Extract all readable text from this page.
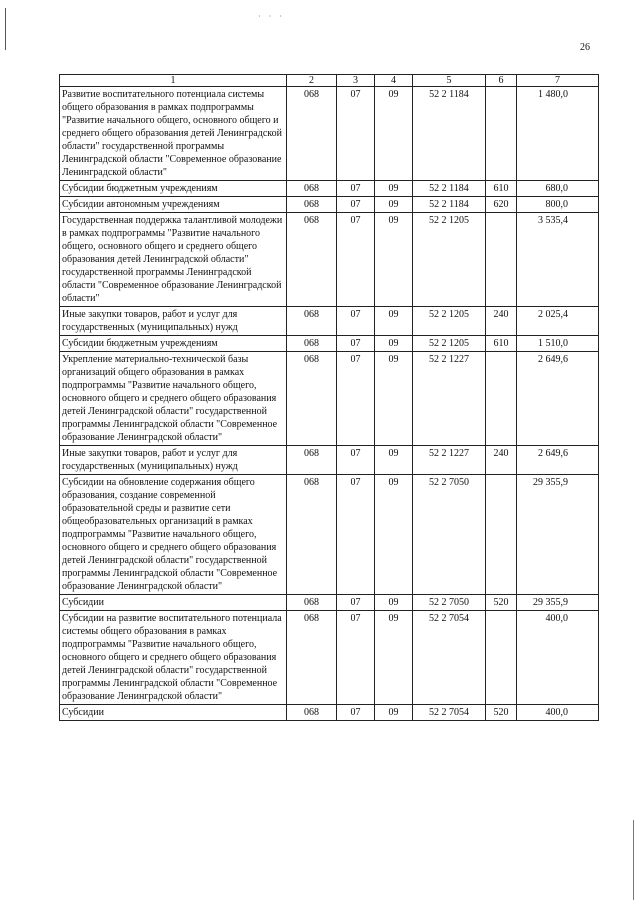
· · ·
26
1	2	3	4	5	6	7
Развитие воспитательного потенциала системы общего образования в рамках подпрограммы "Развитие начального общего, основного общего и среднего общего образования детей Ленинградской области" государственной программы Ленинградской области "Современное образование Ленинградской области"	068	07	09	52 2 1184		1 480,0
Субсидии бюджетным учреждениям	068	07	09	52 2 1184	610	680,0
Субсидии автономным учреждениям	068	07	09	52 2 1184	620	800,0
Государственная поддержка талантливой молодежи в рамках подпрограммы "Развитие начального общего, основного общего и среднего общего образования детей Ленинградской области" государственной программы Ленинградской области "Современное образование Ленинградской области"	068	07	09	52 2 1205		3 535,4
Иные закупки товаров, работ и услуг для государственных (муниципальных) нужд	068	07	09	52 2 1205	240	2 025,4
Субсидии бюджетным учреждениям	068	07	09	52 2 1205	610	1 510,0
Укрепление материально-технической базы организаций общего образования в рамках подпрограммы "Развитие начального общего, основного общего и среднего общего образования детей Ленинградской области" государственной программы Ленинградской области "Современное образование Ленинградской области"	068	07	09	52 2 1227		2 649,6
Иные закупки товаров, работ и услуг для государственных (муниципальных) нужд	068	07	09	52 2 1227	240	2 649,6
Субсидии на обновление содержания общего образования, создание современной образовательной среды и развитие сети общеобразовательных организаций в рамках подпрограммы "Развитие начального общего, основного общего и среднего общего образования детей Ленинградской области" государственной программы Ленинградской области "Современное образование Ленинградской области"	068	07	09	52 2 7050		29 355,9
Субсидии	068	07	09	52 2 7050	520	29 355,9
Субсидии на развитие воспитательного потенциала системы общего образования в рамках подпрограммы "Развитие начального общего, основного общего и среднего общего образования детей Ленинградской области" государственной программы Ленинградской области "Современное образование Ленинградской области"	068	07	09	52 2 7054		400,0
Субсидии	068	07	09	52 2 7054	520	400,0
